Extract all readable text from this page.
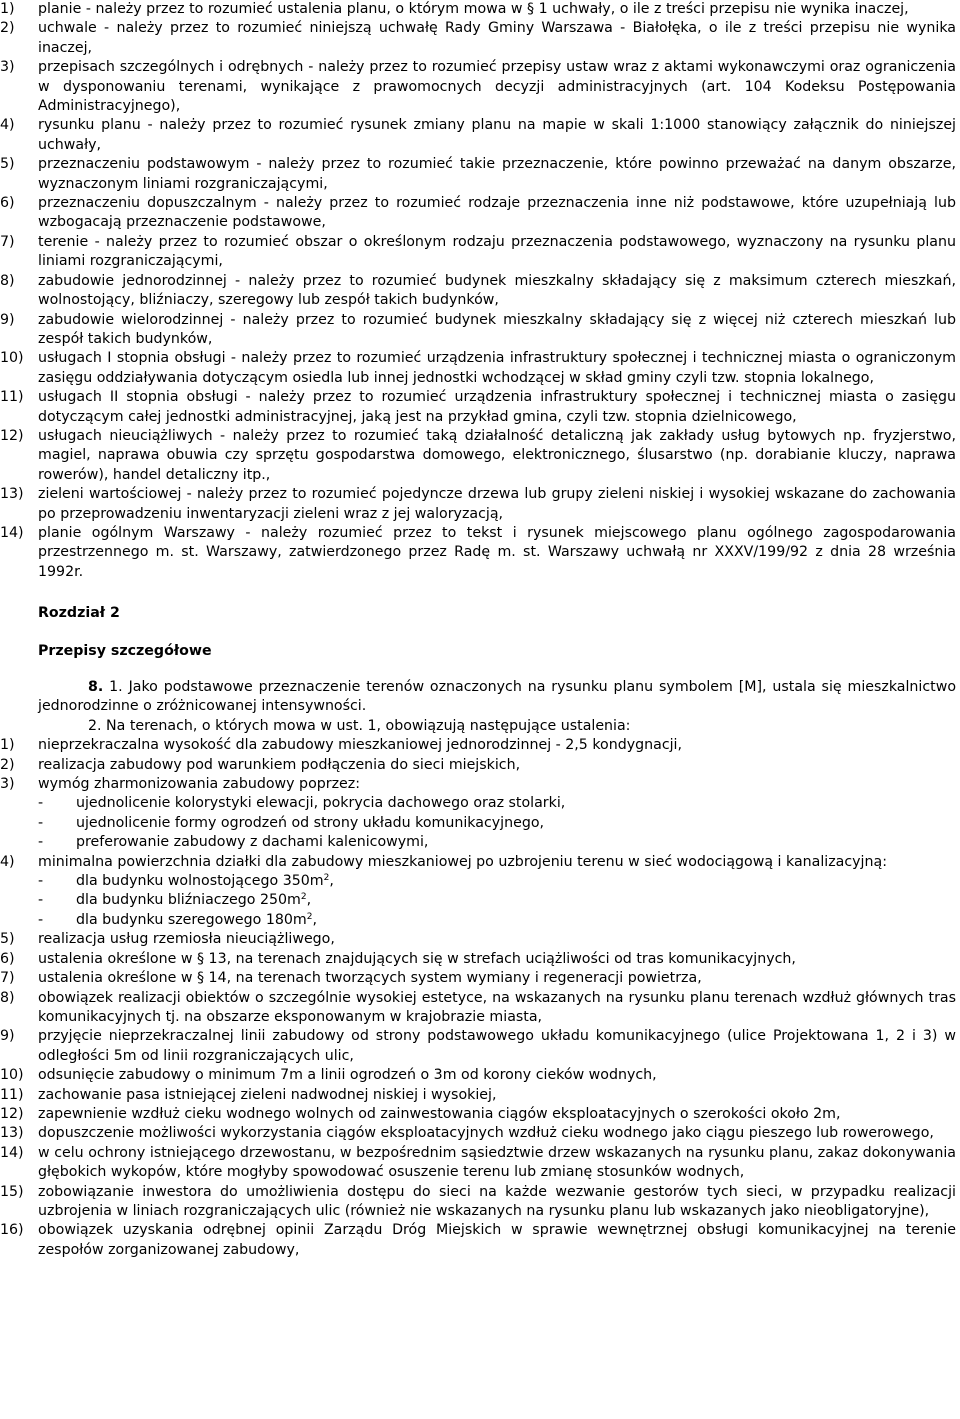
1) planie - należy przez to rozumieć ustalenia planu, o którym mowa w § 1 uchwały, o ile z treści przepisu nie wynika inaczej,
2) uchwale - należy przez to rozumieć niniejszą uchwałę Rady Gminy Warszawa - Białołęka, o ile z treści przepisu nie wynika inaczej,
3) przepisach szczególnych i odrębnych - należy przez to rozumieć przepisy ustaw wraz z aktami wykonawczymi oraz ograniczenia w dysponowaniu terenami, wynikające z prawomocnych decyzji administracyjnych (art. 104 Kodeksu Postępowania Administracyjnego),
4) rysunku planu - należy przez to rozumieć rysunek zmiany planu na mapie w skali 1:1000 stanowiący załącznik do niniejszej uchwały,
5) przeznaczeniu podstawowym - należy przez to rozumieć takie przeznaczenie, które powinno przeważać na danym obszarze, wyznaczonym liniami rozgraniczającymi,
6) przeznaczeniu dopuszczalnym - należy przez to rozumieć rodzaje przeznaczenia inne niż podstawowe, które uzupełniają lub wzbogacają przeznaczenie podstawowe,
7) terenie - należy przez to rozumieć obszar o określonym rodzaju przeznaczenia podstawowego, wyznaczony na rysunku planu liniami rozgraniczającymi,
8) zabudowie jednorodzinnej - należy przez to rozumieć budynek mieszkalny składający się z maksimum czterech mieszkań, wolnostojący, bliźniaczy, szeregowy lub zespół takich budynków,
9) zabudowie wielorodzinnej - należy przez to rozumieć budynek mieszkalny składający się z więcej niż czterech mieszkań lub zespół takich budynków,
10) usługach I stopnia obsługi - należy przez to rozumieć urządzenia infrastruktury społecznej i technicznej miasta o ograniczonym zasięgu oddziaływania dotyczącym osiedla lub innej jednostki wchodzącej w skład gminy czyli tzw. stopnia lokalnego,
11) usługach II stopnia obsługi - należy przez to rozumieć urządzenia infrastruktury społecznej i technicznej miasta o zasięgu dotyczącym całej jednostki administracyjnej, jaką jest na przykład gmina, czyli tzw. stopnia dzielnicowego,
12) usługach nieuciążliwych - należy przez to rozumieć taką działalność detaliczną jak zakłady usług bytowych np. fryzjerstwo, magiel, naprawa obuwia czy sprzętu gospodarstwa domowego, elektronicznego, ślusarstwo (np. dorabianie kluczy, naprawa rowerów), handel detaliczny itp.,
13) zieleni wartościowej - należy przez to rozumieć pojedyncze drzewa lub grupy zieleni niskiej i wysokiej wskazane do zachowania po przeprowadzeniu inwentaryzacji zieleni wraz z jej waloryzacją,
14) planie ogólnym Warszawy - należy rozumieć przez to tekst i rysunek miejscowego planu ogólnego zagospodarowania przestrzennego m. st. Warszawy, zatwierdzonego przez Radę m. st. Warszawy uchwałą nr XXXV/199/92 z dnia 28 września 1992r.
Rozdział 2
Przepisy szczegółowe
8. 1. Jako podstawowe przeznaczenie terenów oznaczonych na rysunku planu symbolem [M], ustala się mieszkalnictwo jednorodzinne o zróżnicowanej intensywności.
2. Na terenach, o których mowa w ust. 1, obowiązują następujące ustalenia:
1) nieprzekraczalna wysokość dla zabudowy mieszkaniowej jednorodzinnej - 2,5 kondygnacji,
2) realizacja zabudowy pod warunkiem podłączenia do sieci miejskich,
3) wymóg zharmonizowania zabudowy poprzez:
- ujednolicenie kolorystyki elewacji, pokrycia dachowego oraz stolarki,
- ujednolicenie formy ogrodzeń od strony układu komunikacyjnego,
- preferowanie zabudowy z dachami kalenicowymi,
4) minimalna powierzchnia działki dla zabudowy mieszkaniowej po uzbrojeniu terenu w sieć wodociągową i kanalizacyjną:
- dla budynku wolnostojącego $350m^2$,
- dla budynku bliźniaczego $250m^2$,
- dla budynku szeregowego $180m^2$,
5) realizacja usług rzemiosła nieuciążliwego,
6) ustalenia określone w § 13, na terenach znajdujących się w strefach uciążliwości od tras komunikacyjnych,
7) ustalenia określone w § 14, na terenach tworzących system wymiany i regeneracji powietrza,
8) obowiązek realizacji obiektów o szczególnie wysokiej estetyce, na wskazanych na rysunku planu terenach wzdłuż głównych tras komunikacyjnych tj. na obszarze eksponowanym w krajobrazie miasta,
9) przyjęcie nieprzekraczalnej linii zabudowy od strony podstawowego układu komunikacyjnego (ulice Projektowana 1, 2 i 3) w odległości 5m od linii rozgraniczających ulic,
10) odsunięcie zabudowy o minimum 7m a linii ogrodzeń o 3m od korony cieków wodnych,
11) zachowanie pasa istniejącej zieleni nadwodnej niskiej i wysokiej,
12) zapewnienie wzdłuż cieku wodnego wolnych od zainwestowania ciągów eksploatacyjnych o szerokości około 2m,
13) dopuszczenie możliwości wykorzystania ciągów eksploatacyjnych wzdłuż cieku wodnego jako ciągu pieszego lub rowerowego,
14) w celu ochrony istniejącego drzewostanu, w bezpośrednim sąsiedztwie drzew wskazanych na rysunku planu, zakaz dokonywania głębokich wykopów, które mogłyby spowodować osuszenie terenu lub zmianę stosunków wodnych,
15) zobowiązanie inwestora do umożliwienia dostępu do sieci na każde wezwanie gestorów tych sieci, w przypadku realizacji uzbrojenia w liniach rozgraniczających ulic (również nie wskazanych na rysunku planu lub wskazanych jako nieobligatoryjne),
16) obowiązek uzyskania odrębnej opinii Zarządu Dróg Miejskich w sprawie wewnętrznej obsługi komunikacyjnej na terenie zespołów zorganizowanej zabudowy,
